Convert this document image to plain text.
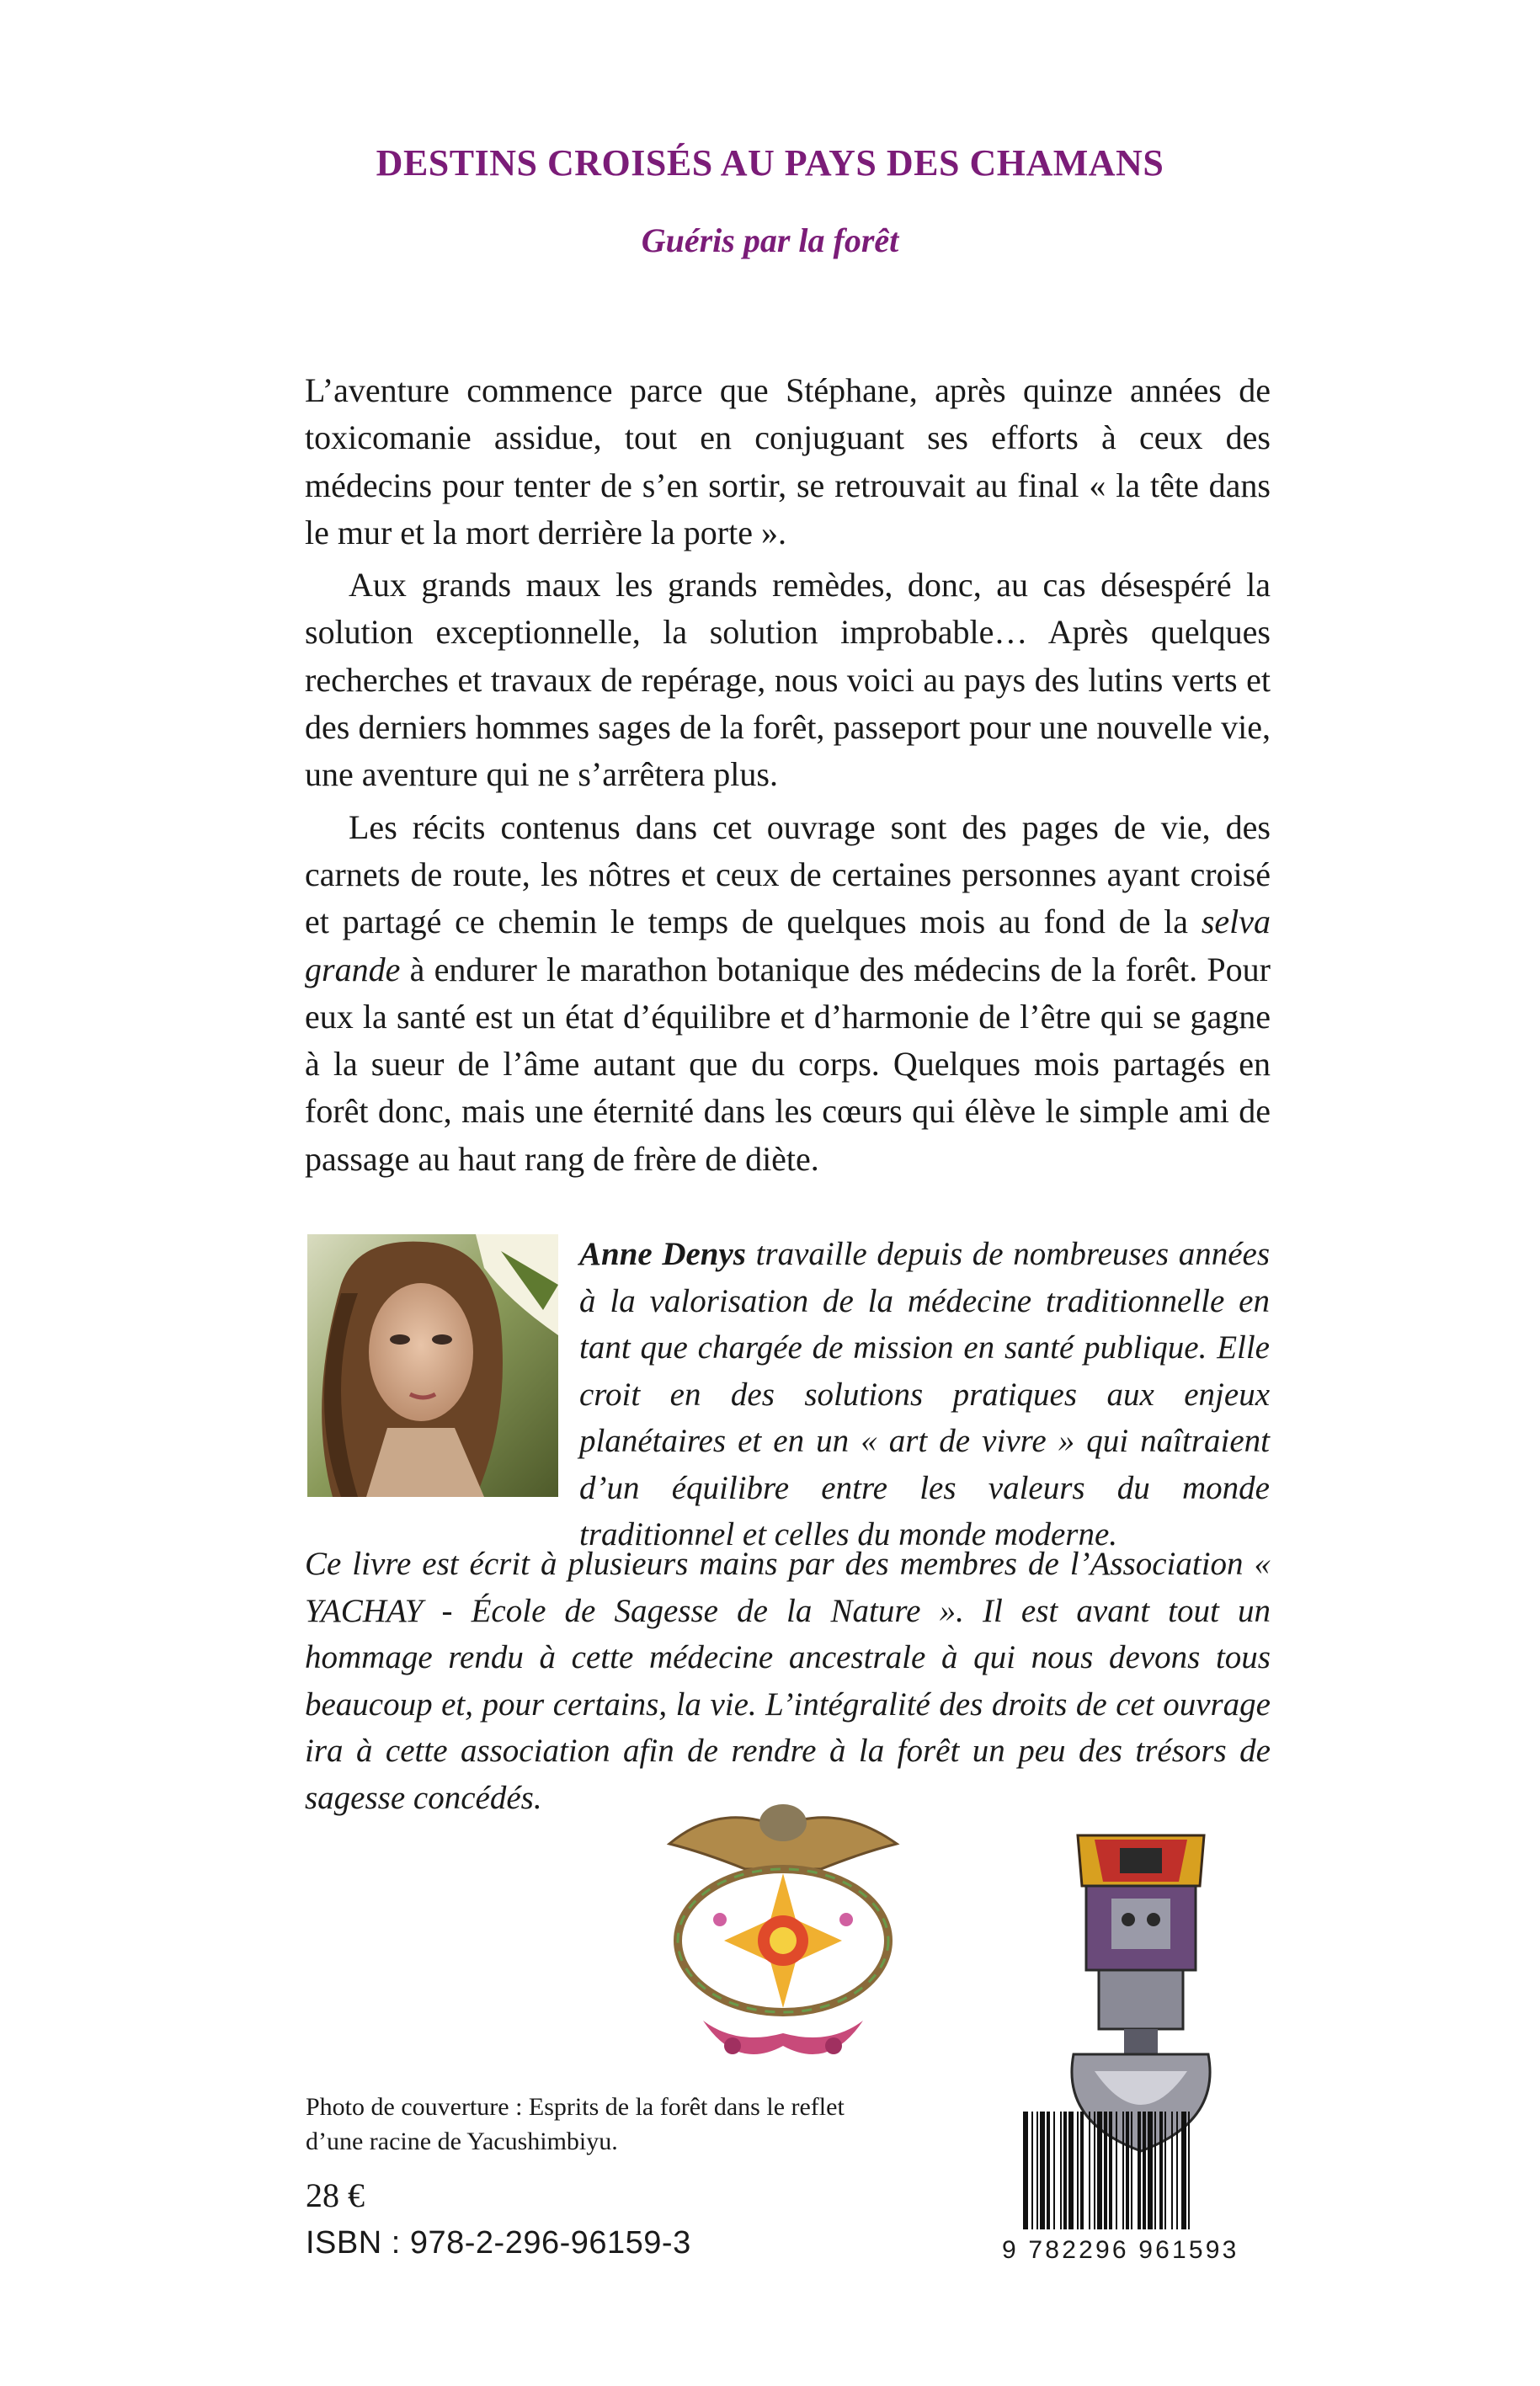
DESTINS CROISÉS AU PAYS DES CHAMANS
Guéris par la forêt

L’aventure commence parce que Stéphane, après quinze années de toxicomanie assidue, tout en conjuguant ses efforts à ceux des médecins pour tenter de s’en sortir, se retrouvait au final « la tête dans le mur et la mort derrière la porte ».

Aux grands maux les grands remèdes, donc, au cas désespéré la solution exceptionnelle, la solution improbable… Après quelques recherches et travaux de repérage, nous voici au pays des lutins verts et des derniers hommes sages de la forêt, passeport pour une nouvelle vie, une aventure qui ne s’arrêtera plus.

Les récits contenus dans cet ouvrage sont des pages de vie, des carnets de route, les nôtres et ceux de certaines personnes ayant croisé et partagé ce chemin le temps de quelques mois au fond de la selva grande à endurer le marathon botanique des médecins de la forêt. Pour eux la santé est un état d’équilibre et d’harmonie de l’être qui se gagne à la sueur de l’âme autant que du corps. Quelques mois partagés en forêt donc, mais une éternité dans les cœurs qui élève le simple ami de passage au haut rang de frère de diète.

Anne Denys travaille depuis de nombreuses années à la valorisation de la médecine traditionnelle en tant que chargée de mission en santé publique. Elle croit en des solutions pratiques aux enjeux planétaires et en un « art de vivre » qui naîtraient d’un équilibre entre les valeurs du monde traditionnel et celles du monde moderne.
Ce livre est écrit à plusieurs mains par des membres de l’Association « YACHAY - École de Sagesse de la Nature ». Il est avant tout un hommage rendu à cette médecine ancestrale à qui nous devons tous beaucoup et, pour certains, la vie. L’intégralité des droits de cet ouvrage ira à cette association afin de rendre à la forêt un peu des trésors de sagesse concédés.
Photo de couverture : Esprits de la forêt dans le reflet
d’une racine de Yacushimbiyu.
28 €
ISBN : 978-2-296-96159-3	9 782296 961593
